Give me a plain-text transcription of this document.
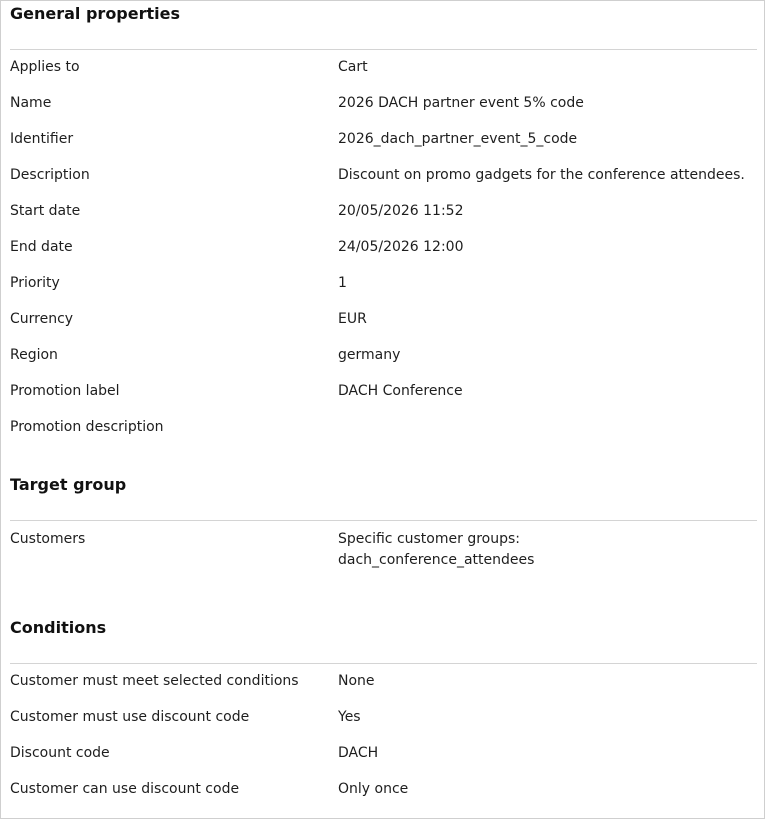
General properties
Applies to	Cart
Name	2026 DACH partner event 5% code
Identifier	2026_dach_partner_event_5_code
Description	Discount on promo gadgets for the conference attendees.
Start date	20/05/2026 11:52
End date	24/05/2026 12:00
Priority	1
Currency	EUR
Region	germany
Promotion label	DACH Conference
Promotion description
Target group
Customers	Specific customer groups:
dach_conference_attendees
Conditions
Customer must meet selected conditions	None
Customer must use discount code	Yes
Discount code	DACH
Customer can use discount code	Only once
